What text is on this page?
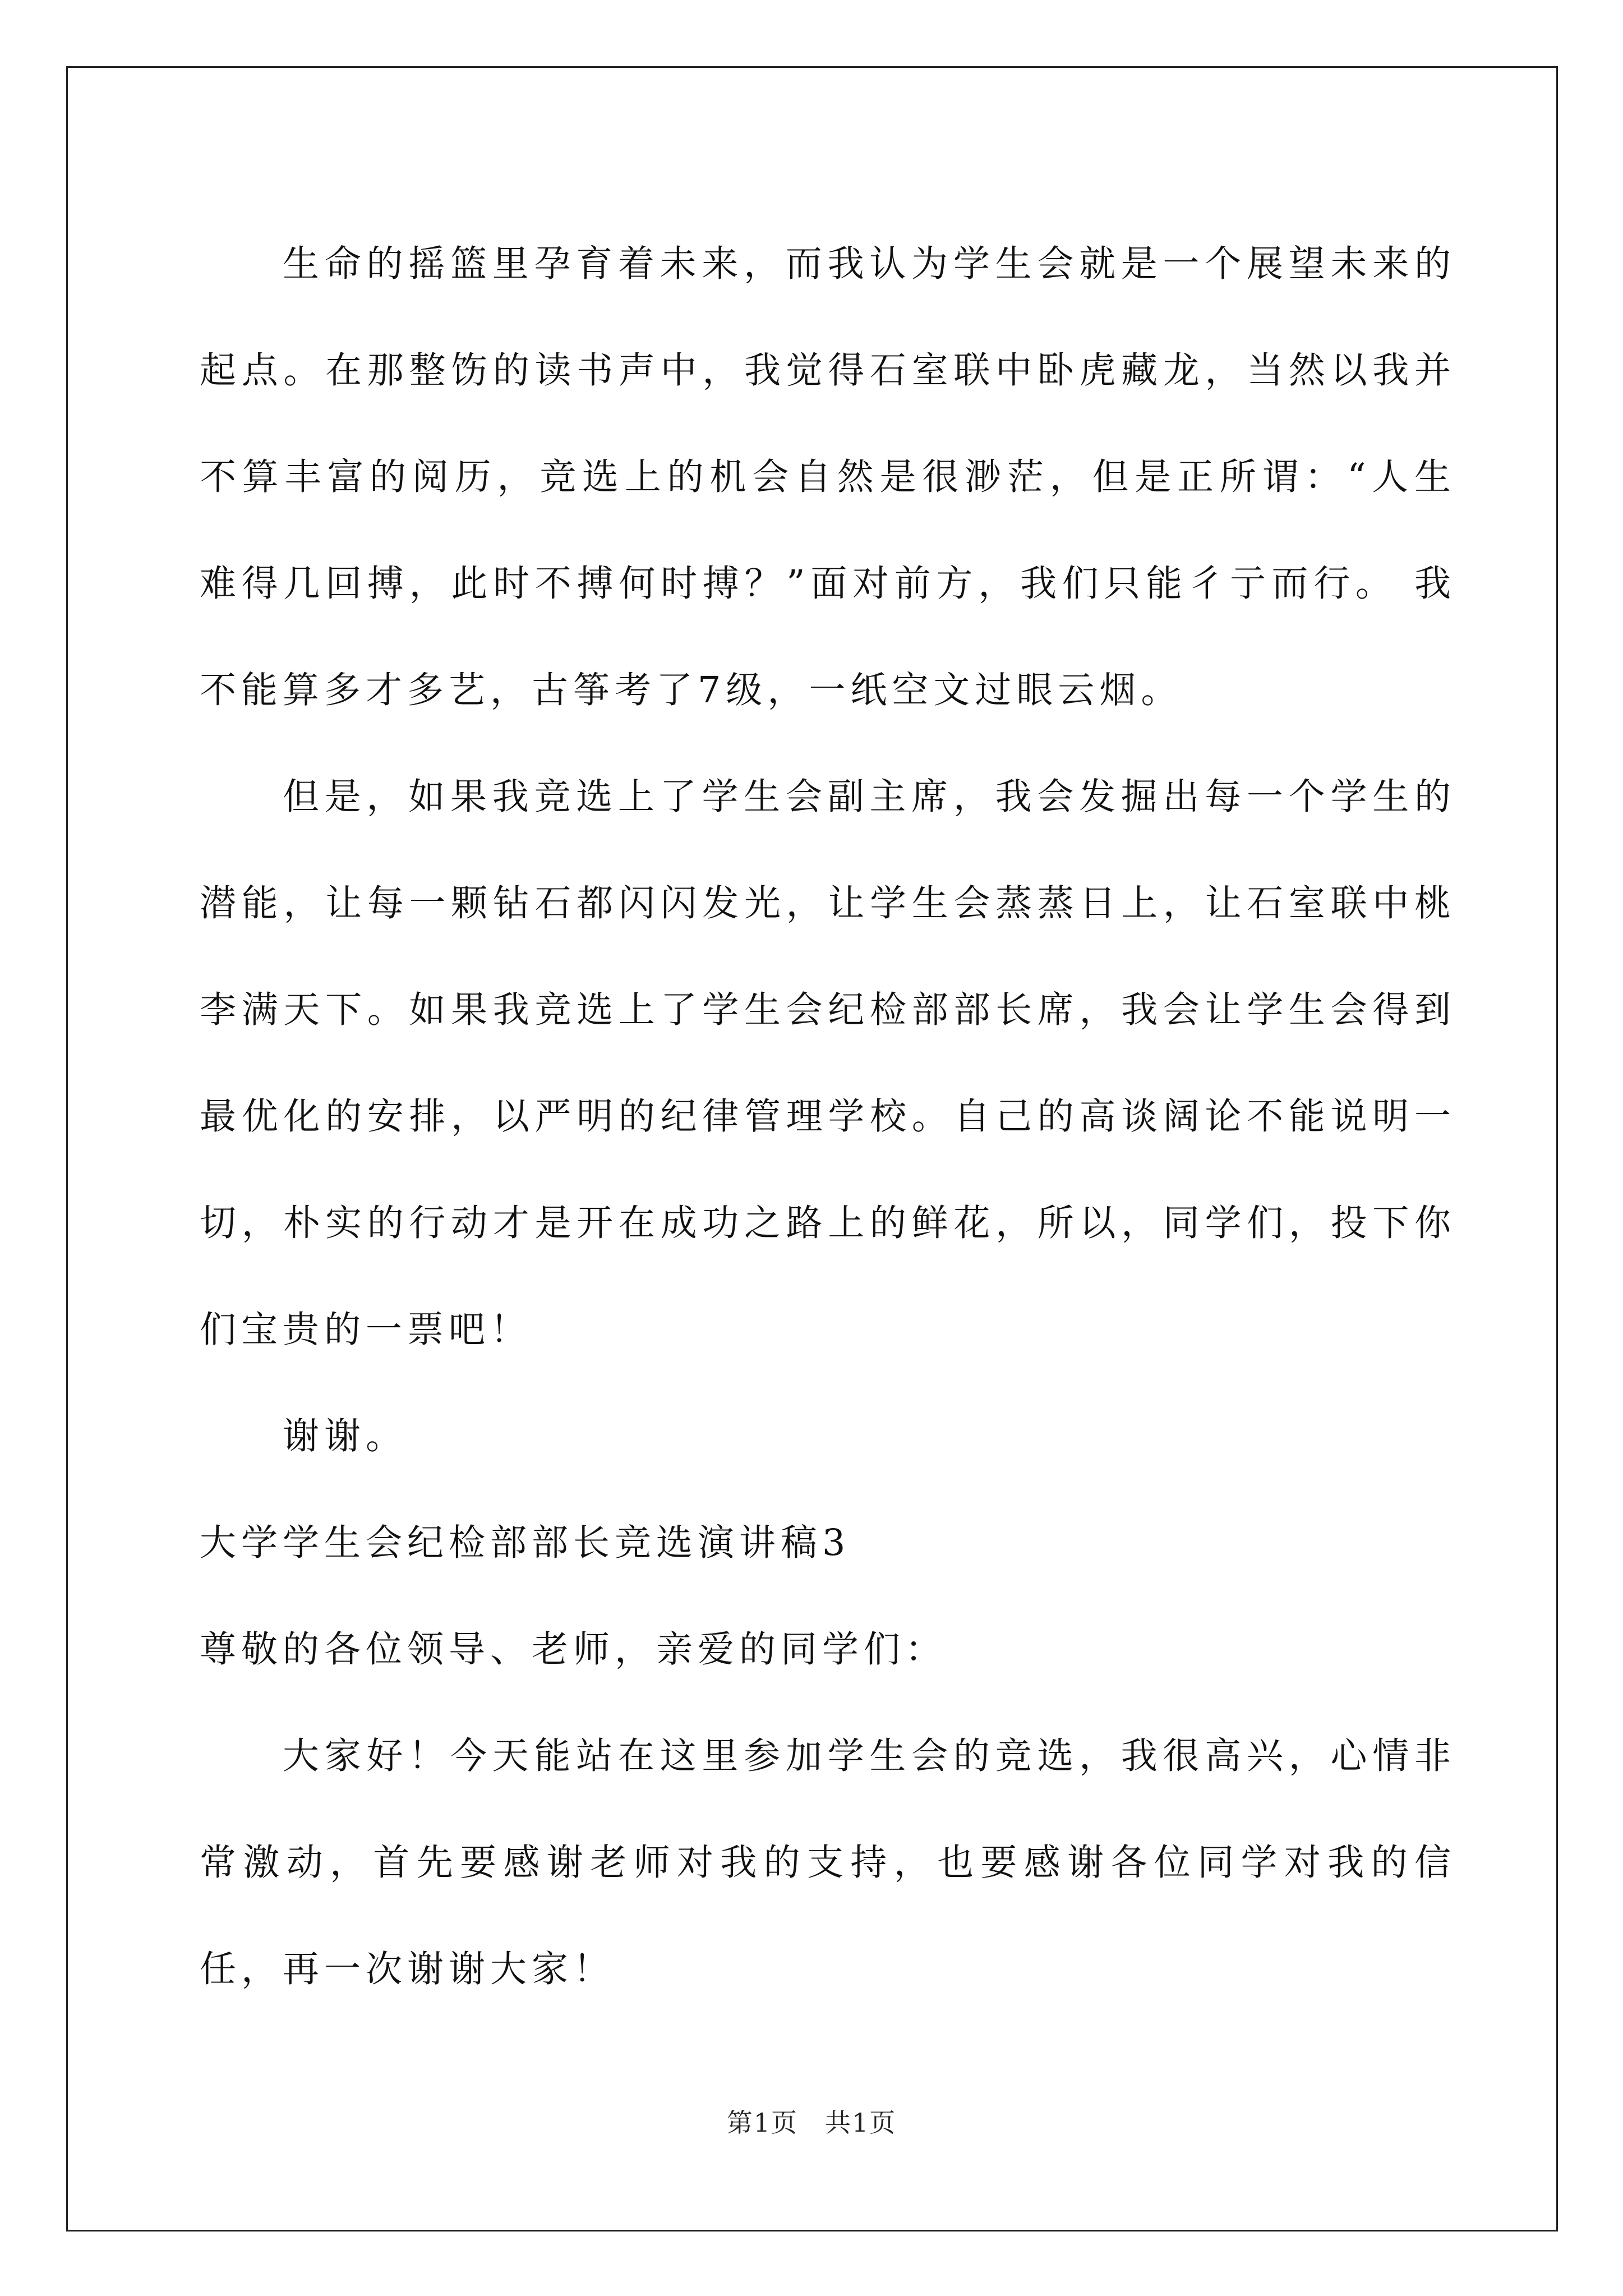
生命的摇篮里孕育着未来，而我认为学生会就是一个展望未来的起点。在那整饬的读书声中，我觉得石室联中卧虎藏龙，当然以我并不算丰富的阅历，竞选上的机会自然是很渺茫，但是正所谓：“人生难得几回搏，此时不搏何时搏？”面对前方，我们只能彳亍而行。 我不能算多才多艺，古筝考了7级，一纸空文过眼云烟。

但是，如果我竞选上了学生会副主席，我会发掘出每一个学生的潜能，让每一颗钻石都闪闪发光，让学生会蒸蒸日上，让石室联中桃李满天下。如果我竞选上了学生会纪检部部长席，我会让学生会得到最优化的安排，以严明的纪律管理学校。自己的高谈阔论不能说明一切，朴实的行动才是开在成功之路上的鲜花，所以，同学们，投下你们宝贵的一票吧！

谢谢。

大学学生会纪检部部长竞选演讲稿3

尊敬的各位领导、老师，亲爱的同学们：

大家好！今天能站在这里参加学生会的竞选，我很高兴，心情非常激动，首先要感谢老师对我的支持，也要感谢各位同学对我的信任，再一次谢谢大家！

第1页　共1页
